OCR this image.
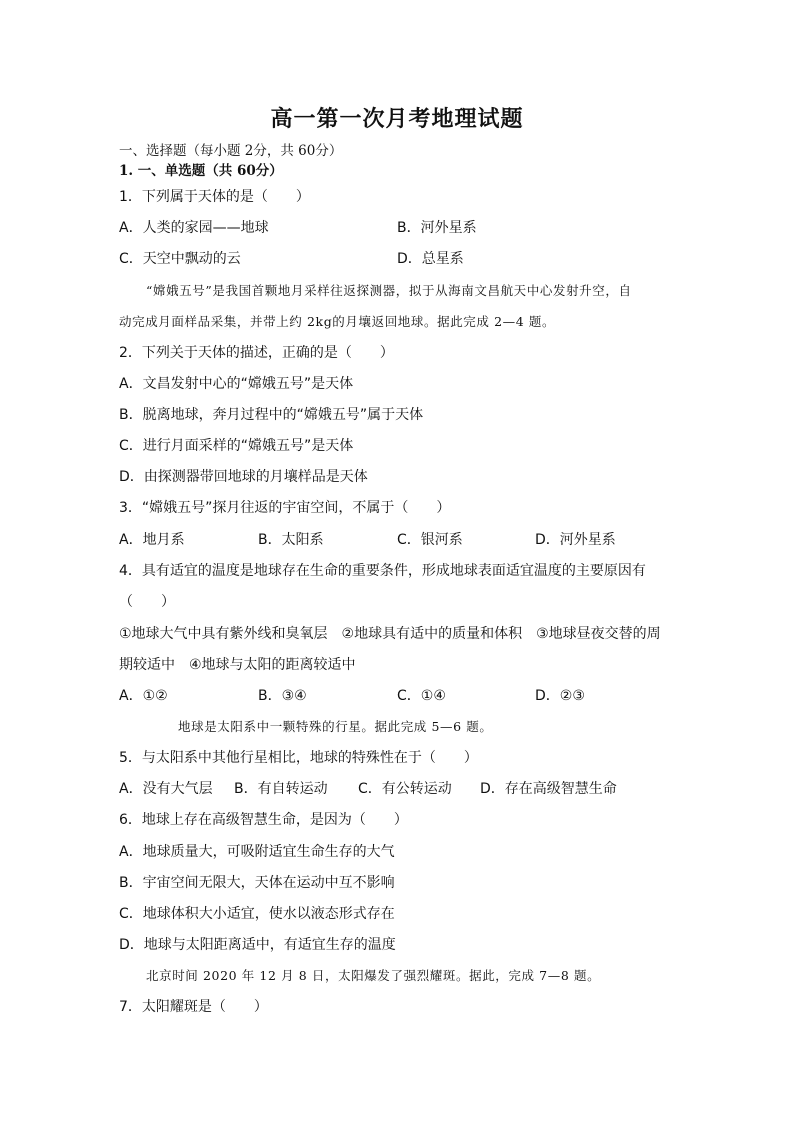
高一第一次月考地理试题
一、选择题（每小题 2分，共 60分）
1. 一、单选题（共 60分）
1．下列属于天体的是（　　）
A．人类的家园——地球	B．河外星系
C．天空中飘动的云	D．总星系
“嫦娥五号”是我国首颗地月采样往返探测器，拟于从海南文昌航天中心发射升空，自
动完成月面样品采集，并带上约 2kg的月壤返回地球。据此完成 2—4 题。
2．下列关于天体的描述，正确的是（　　）
A．文昌发射中心的“嫦娥五号”是天体
B．脱离地球，奔月过程中的“嫦娥五号”属于天体
C．进行月面采样的“嫦娥五号”是天体
D．由探测器带回地球的月壤样品是天体
3．“嫦娥五号”探月往返的宇宙空间，不属于（　　）
A．地月系	B．太阳系	C．银河系	D．河外星系
4．具有适宜的温度是地球存在生命的重要条件，形成地球表面适宜温度的主要原因有
（　　）
①地球大气中具有紫外线和臭氧层　②地球具有适中的质量和体积　③地球昼夜交替的周
期较适中　④地球与太阳的距离较适中
A．①②	B．③④	C．①④	D．②③
地球是太阳系中一颗特殊的行星。据此完成 5—6 题。
5．与太阳系中其他行星相比，地球的特殊性在于（　　）
A．没有大气层 B．有自转运动 C．有公转运动 D．存在高级智慧生命
6．地球上存在高级智慧生命，是因为（　　）
A．地球质量大，可吸附适宜生命生存的大气
B．宇宙空间无限大，天体在运动中互不影响
C．地球体积大小适宜，使水以液态形式存在
D．地球与太阳距离适中，有适宜生存的温度
北京时间 2020 年 12 月 8 日，太阳爆发了强烈耀斑。据此，完成 7—8 题。
7．太阳耀斑是（　　）
